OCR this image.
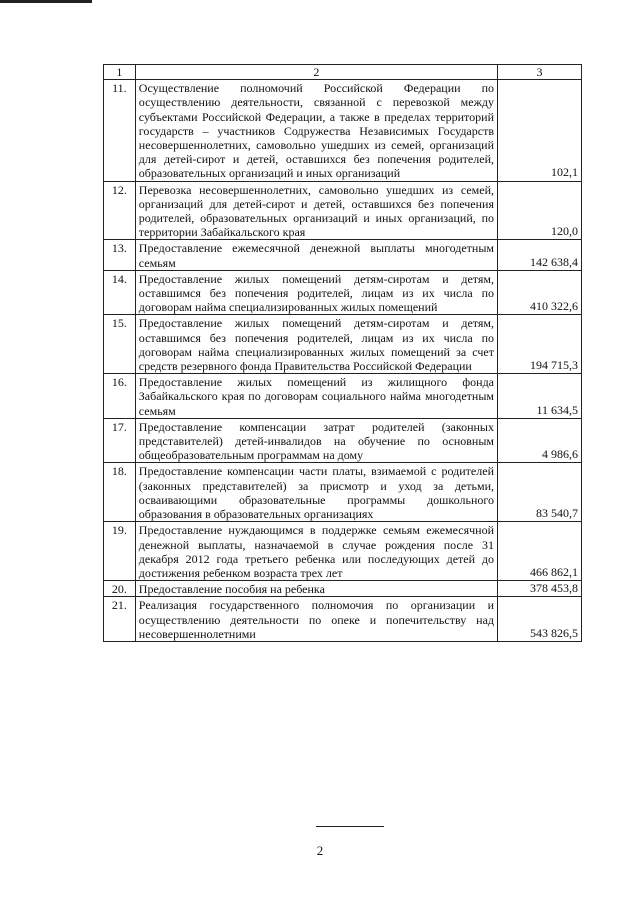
1	2	3
11.	Осуществление полномочий Российской Федерации по осуществлению деятельности, связанной с перевозкой между субъектами Российской Федерации, а также в пределах территорий государств – участников Содружества Независимых Государств несовершеннолетних, самовольно ушедших из семей, организаций для детей-сирот и детей, оставшихся без попечения родителей, образовательных организаций и иных организаций	102,1
12.	Перевозка несовершеннолетних, самовольно ушедших из семей, организаций для детей-сирот и детей, оставшихся без попечения родителей, образовательных организаций и иных организаций, по территории Забайкальского края	120,0
13.	Предоставление ежемесячной денежной выплаты многодетным семьям	142 638,4
14.	Предоставление жилых помещений детям-сиротам и детям, оставшимся без попечения родителей, лицам из их числа по договорам найма специализированных жилых помещений	410 322,6
15.	Предоставление жилых помещений детям-сиротам и детям, оставшимся без попечения родителей, лицам из их числа по договорам найма специализированных жилых помещений за счет средств резервного фонда Правительства Российской Федерации	194 715,3
16.	Предоставление жилых помещений из жилищного фонда Забайкальского края по договорам социального найма многодетным семьям	11 634,5
17.	Предоставление компенсации затрат родителей (законных представителей) детей-инвалидов на обучение по основным общеобразовательным программам на дому	4 986,6
18.	Предоставление компенсации части платы, взимаемой с родителей (законных представителей) за присмотр и уход за детьми, осваивающими образовательные программы дошкольного образования в образовательных организациях	83 540,7
19.	Предоставление нуждающимся в поддержке семьям ежемесячной денежной выплаты, назначаемой в случае рождения после 31 декабря 2012 года третьего ребенка или последующих детей до достижения ребенком возраста трех лет	466 862,1
20.	Предоставление пособия на ребенка	378 453,8
21.	Реализация государственного полномочия по организации и осуществлению деятельности по опеке и попечительству над несовершеннолетними	543 826,5
2
